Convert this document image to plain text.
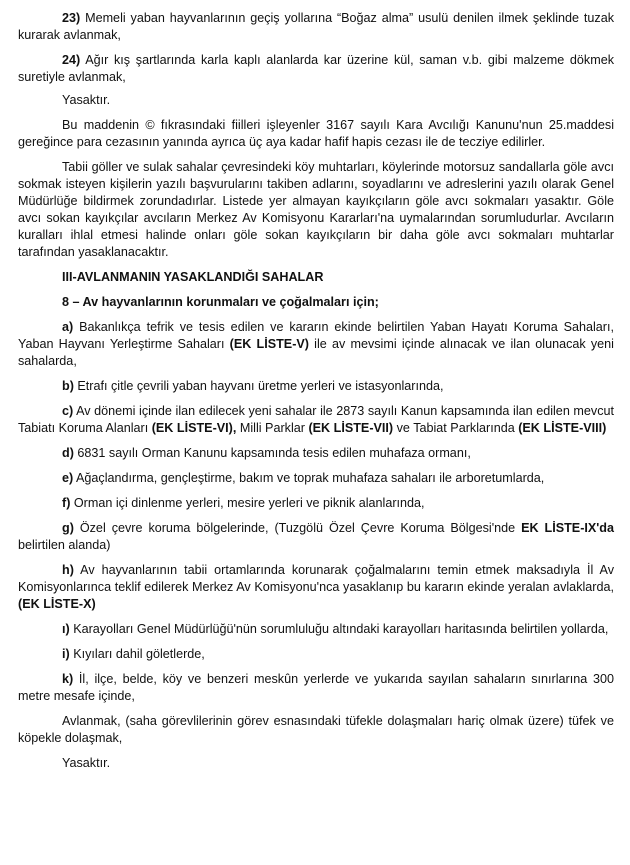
23) Memeli yaban hayvanlarının geçiş yollarına “Boğaz alma” usulü denilen ilmek şeklinde tuzak kurarak avlanmak,

24) Ağır kış şartlarında karla kaplı alanlarda kar üzerine kül, saman v.b. gibi malzeme dökmek suretiyle avlanmak,

Yasaktır.

Bu maddenin © fıkrasındaki fiilleri işleyenler 3167 sayılı Kara Avcılığı Kanunu'nun 25.maddesi gereğince para cezasının yanında ayrıca üç aya kadar hafif hapis cezası ile de tecziye edilirler.

Tabii göller ve sulak sahalar çevresindeki köy muhtarları, köylerinde motorsuz sandallarla göle avcı sokmak isteyen kişilerin yazılı başvurularını takiben adlarını, soyadlarını ve adreslerini yazılı olarak Genel Müdürlüğe bildirmek zorundadırlar. Listede yer almayan kayıkçıların göle avcı sokmaları yasaktır. Göle avcı sokan kayıkçılar avcıların Merkez Av Komisyonu Kararları'na uymalarından sorumludurlar. Avcıların kuralları ihlal etmesi halinde onları göle sokan kayıkçıların bir daha göle avcı sokmaları muhtarlar tarafından yasaklanacaktır.

III-AVLANMANIN YASAKLANDIĞI SAHALAR
8 – Av hayvanlarının korunmaları ve çoğalmaları için;

a) Bakanlıkça tefrik ve tesis edilen ve kararın ekinde belirtilen Yaban Hayatı Koruma Sahaları, Yaban Hayvanı Yerleştirme Sahaları (EK LİSTE-V) ile av mevsimi içinde alınacak ve ilan olunacak yeni sahalarda,

b) Etrafı çitle çevrili yaban hayvanı üretme yerleri ve istasyonlarında,

c) Av dönemi içinde ilan edilecek yeni sahalar ile 2873 sayılı Kanun kapsamında ilan edilen mevcut Tabiatı Koruma Alanları (EK LİSTE-VI), Milli Parklar (EK LİSTE-VII) ve Tabiat Parklarında (EK LİSTE-VIII)

d) 6831 sayılı Orman Kanunu kapsamında tesis edilen muhafaza ormanı,

e) Ağaçlandırma, gençleştirme, bakım ve toprak muhafaza sahaları ile arboretumlarda,

f) Orman içi dinlenme yerleri, mesire yerleri ve piknik alanlarında,

g) Özel çevre koruma bölgelerinde, (Tuzgölü Özel Çevre Koruma Bölgesi'nde EK LİSTE-IX'da belirtilen alanda)

h) Av hayvanlarının tabii ortamlarında korunarak çoğalmalarını temin etmek maksadıyla İl Av Komisyonlarınca teklif edilerek Merkez Av Komisyonu'nca yasaklanıp bu kararın ekinde yeralan avlaklarda, (EK LİSTE-X)

ı) Karayolları Genel Müdürlüğü'nün sorumluluğu altındaki karayolları haritasında belirtilen yollarda,

i) Kıyıları dahil göletlerde,

k) İl, ilçe, belde, köy ve benzeri meskûn yerlerde ve yukarıda sayılan sahaların sınırlarına 300 metre mesafe içinde,

Avlanmak, (saha görevlilerinin görev esnasındaki tüfekle dolaşmaları hariç olmak üzere) tüfek ve köpekle dolaşmak,

Yasaktır.
